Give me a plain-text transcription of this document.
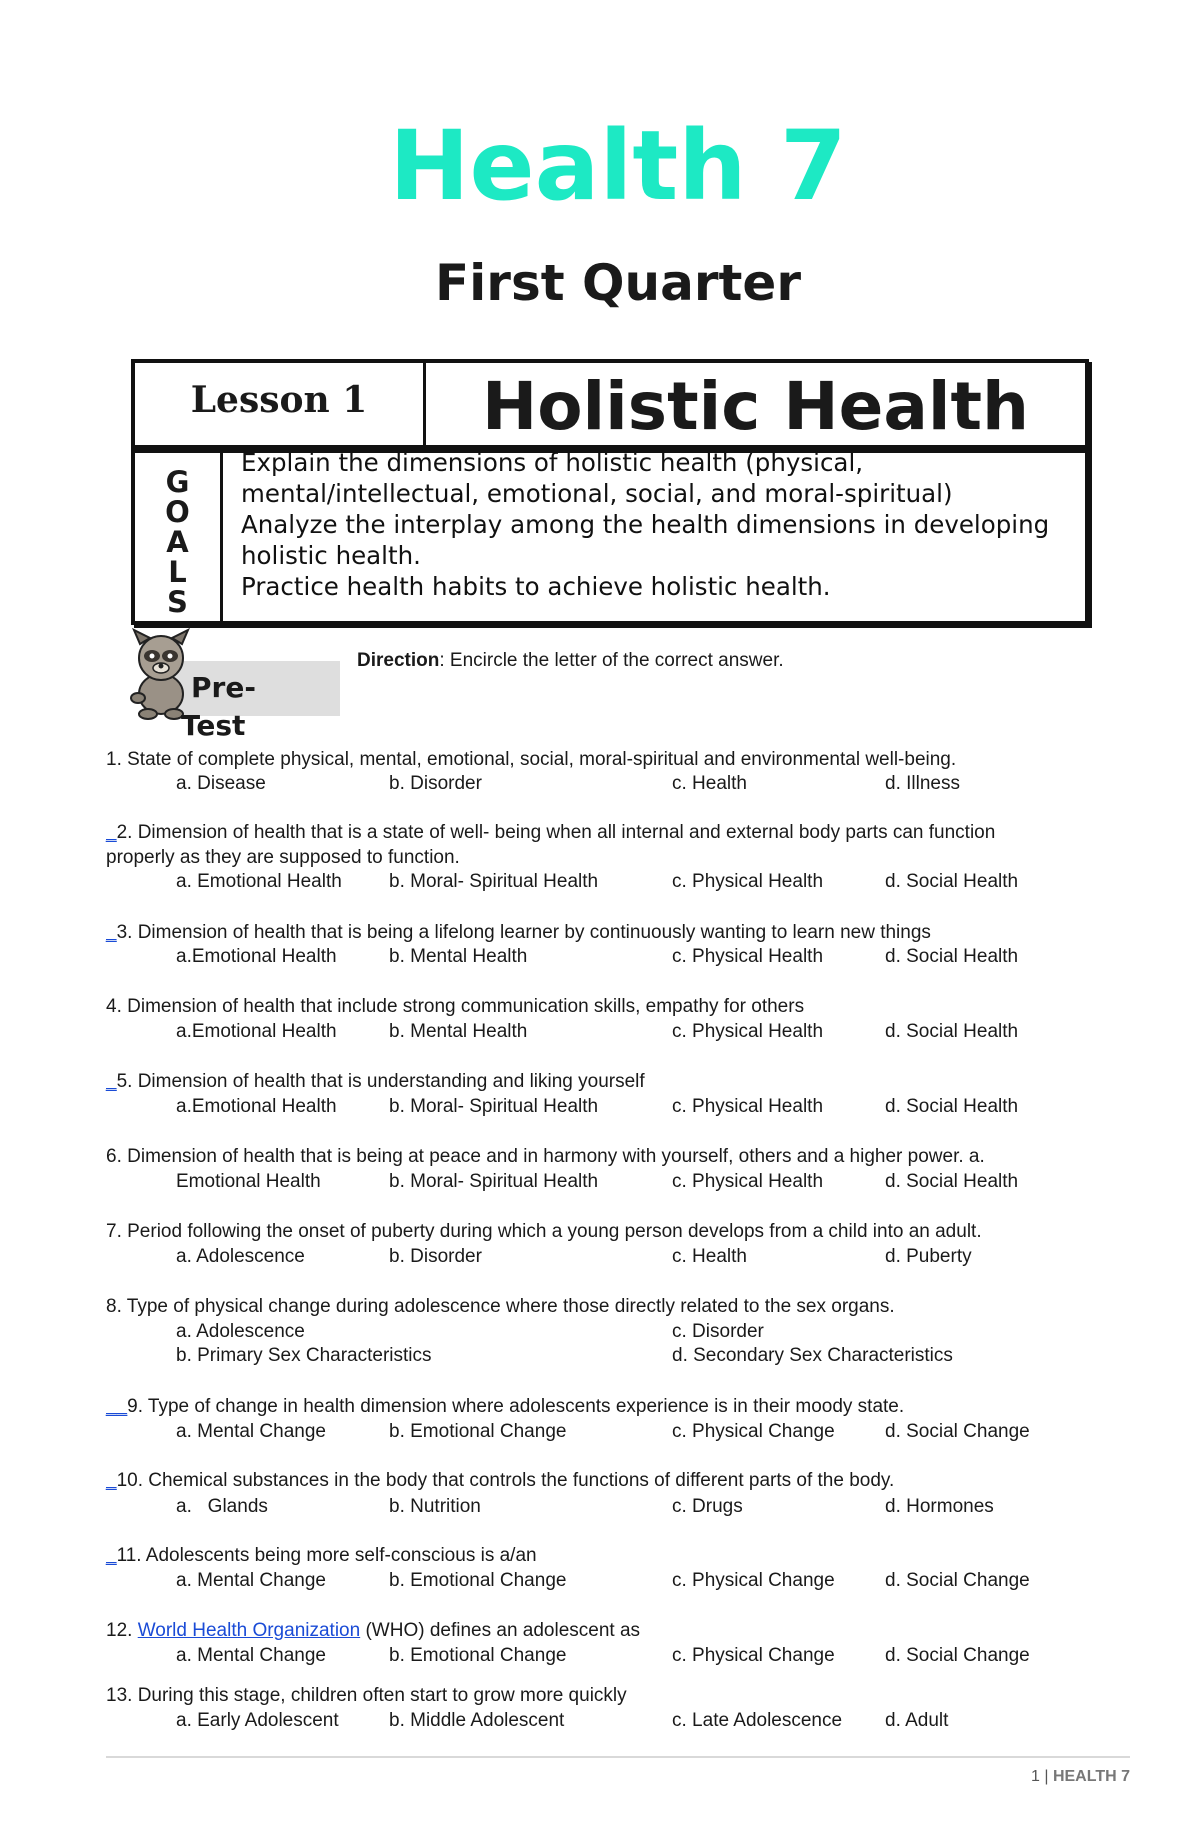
Health 7
First Quarter
Lesson 1	Holistic Health
G
O
A
L
S
Explain the dimensions of holistic health (physical,
mental/intellectual, emotional, social, and moral-spiritual)
Analyze the interplay among the health dimensions in developing
holistic health.
Practice health habits to achieve holistic health.
Pre-
Test
Direction: Encircle the letter of the correct answer.
1. State of complete physical, mental, emotional, social, moral-spiritual and environmental well-being.
a. Disease	b. Disorder	c. Health	d. Illness
_2. Dimension of health that is a state of well- being when all internal and external body parts can function
properly as they are supposed to function.
a. Emotional Health b. Moral- Spiritual Health	c. Physical Health	d. Social Health
_3. Dimension of health that is being a lifelong learner by continuously wanting to learn new things
a.Emotional Health	b. Mental Health	c. Physical Health	d. Social Health
4. Dimension of health that include strong communication skills, empathy for others
a.Emotional Health	b. Mental Health	c. Physical Health	d. Social Health
_5. Dimension of health that is understanding and liking yourself
a.Emotional Health	b. Moral- Spiritual Health	c. Physical Health	d. Social Health
6. Dimension of health that is being at peace and in harmony with yourself, others and a higher power. a.
Emotional Health	b. Moral- Spiritual Health	c. Physical Health	d. Social Health
7. Period following the onset of puberty during which a young person develops from a child into an adult.
a. Adolescence	b. Disorder	c. Health	d. Puberty
8. Type of physical change during adolescence where those directly related to the sex organs.
a. Adolescence	c. Disorder
b. Primary Sex Characteristics	d. Secondary Sex Characteristics
__9. Type of change in health dimension where adolescents experience is in their moody state.
a. Mental Change	b. Emotional Change	c. Physical Change	d. Social Change
_10. Chemical substances in the body that controls the functions of different parts of the body.
a.   Glands	b. Nutrition	c. Drugs	d. Hormones
_11. Adolescents being more self-conscious is a/an
a. Mental Change	b. Emotional Change	c. Physical Change	d. Social Change
12. World Health Organization (WHO) defines an adolescent as
a. Mental Change	b. Emotional Change	c. Physical Change	d. Social Change
13. During this stage, children often start to grow more quickly
a. Early Adolescent	b. Middle Adolescent	c. Late Adolescence d. Adult
1 | HEALTH 7
